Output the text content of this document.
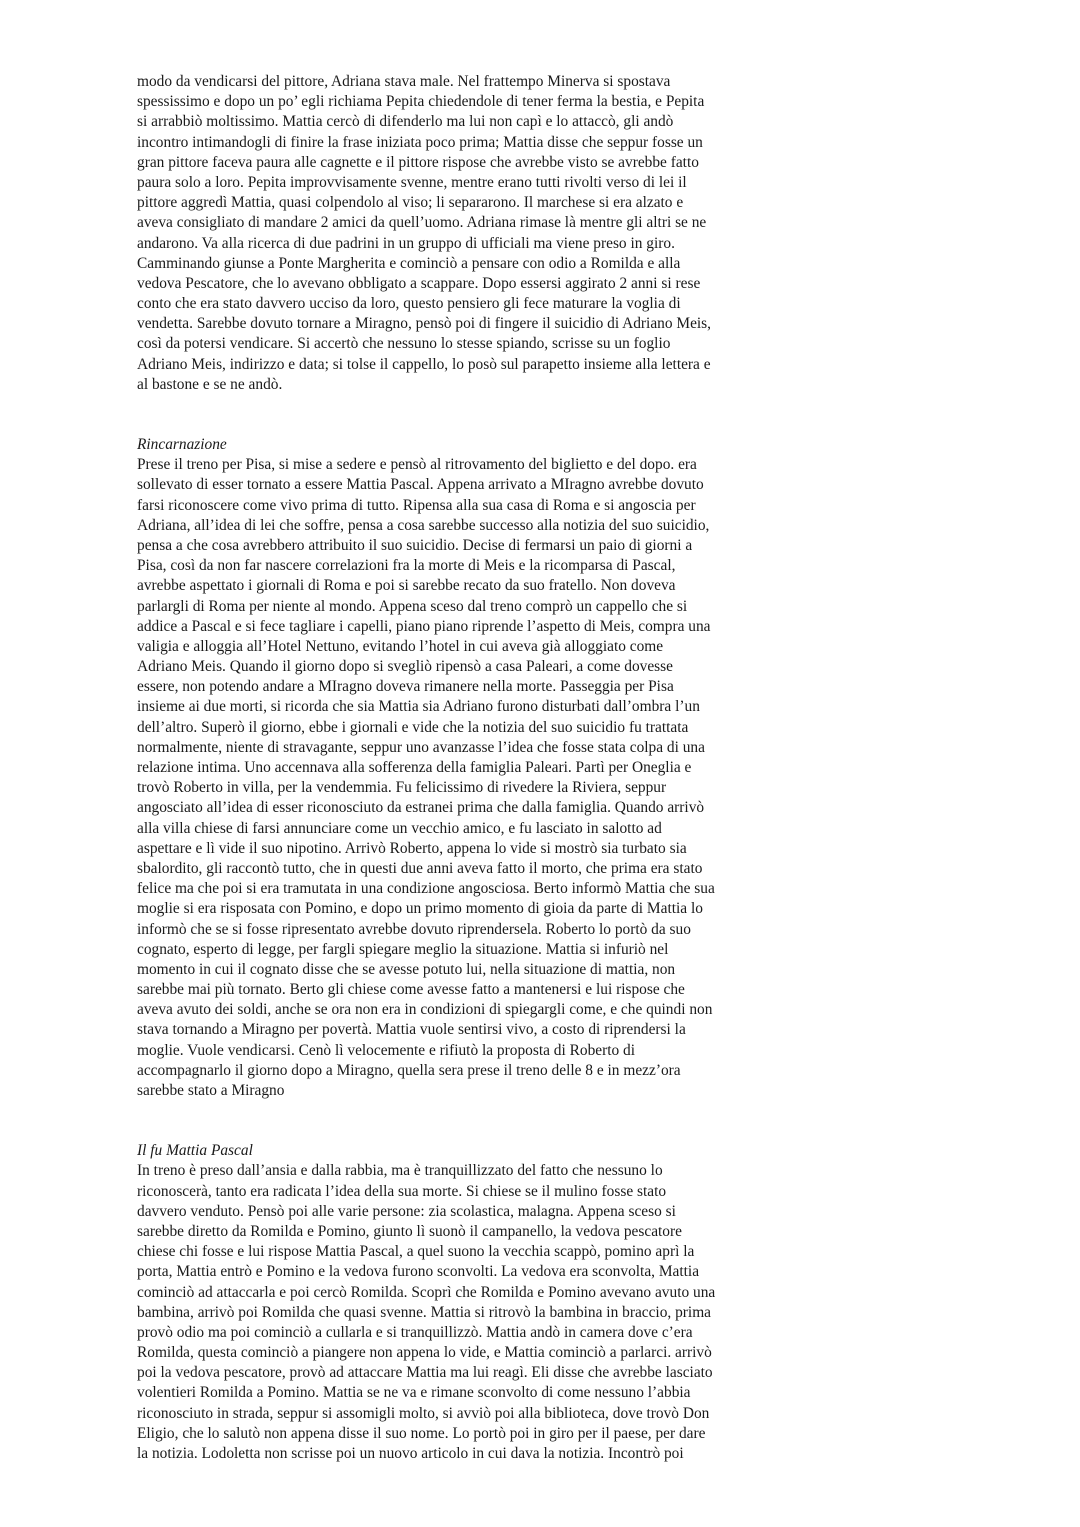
modo da vendicarsi del pittore, Adriana stava male. Nel frattempo Minerva si spostava
spessissimo e dopo un po’ egli richiama Pepita chiedendole di tener ferma la bestia, e Pepita
si arrabbiò moltissimo. Mattia cercò di difenderlo ma lui non capì e lo attaccò, gli andò
incontro intimandogli di finire la frase iniziata poco prima; Mattia disse che seppur fosse un
gran pittore faceva paura alle cagnette e il pittore rispose che avrebbe visto se avrebbe fatto
paura solo a loro. Pepita improvvisamente svenne, mentre erano tutti rivolti verso di lei il
pittore aggredì Mattia, quasi colpendolo al viso; li separarono. Il marchese si era alzato e
aveva consigliato di mandare 2 amici da quell’uomo. Adriana rimase là mentre gli altri se ne
andarono. Va alla ricerca di due padrini in un gruppo di ufficiali ma viene preso in giro.
Camminando giunse a Ponte Margherita e cominciò a pensare con odio a Romilda e alla
vedova Pescatore, che lo avevano obbligato a scappare. Dopo essersi aggirato 2 anni si rese
conto che era stato davvero ucciso da loro, questo pensiero gli fece maturare la voglia di
vendetta. Sarebbe dovuto tornare a Miragno, pensò poi di fingere il suicidio di Adriano Meis,
così da potersi vendicare. Si accertò che nessuno lo stesse spiando, scrisse su un foglio
Adriano Meis, indirizzo e data; si tolse il cappello, lo posò sul parapetto insieme alla lettera e
al bastone e se ne andò.
Rincarnazione
Prese il treno per Pisa, si mise a sedere e pensò al ritrovamento del biglietto e del dopo. era
sollevato di esser tornato a essere Mattia Pascal. Appena arrivato a MIragno avrebbe dovuto
farsi riconoscere come vivo prima di tutto. Ripensa alla sua casa di Roma e si angoscia per
Adriana, all’idea di lei che soffre, pensa a cosa sarebbe successo alla notizia del suo suicidio,
pensa a che cosa avrebbero attribuito il suo suicidio. Decise di fermarsi un paio di giorni a
Pisa, così da non far nascere correlazioni fra la morte di Meis e la ricomparsa di Pascal,
avrebbe aspettato i giornali di Roma e poi si sarebbe recato da suo fratello. Non doveva
parlargli di Roma per niente al mondo. Appena sceso dal treno comprò un cappello che si
addice a Pascal e si fece tagliare i capelli, piano piano riprende l’aspetto di Meis, compra una
valigia e alloggia all’Hotel Nettuno, evitando l’hotel in cui aveva già alloggiato come
Adriano Meis. Quando il giorno dopo si svegliò ripensò a casa Paleari, a come dovesse
essere, non potendo andare a MIragno doveva rimanere nella morte. Passeggia per Pisa
insieme ai due morti, si ricorda che sia Mattia sia Adriano furono disturbati dall’ombra l’un
dell’altro. Superò il giorno, ebbe i giornali e vide che la notizia del suo suicidio fu trattata
normalmente, niente di stravagante, seppur uno avanzasse l’idea che fosse stata colpa di una
relazione intima. Uno accennava alla sofferenza della famiglia Paleari. Partì per Oneglia e
trovò Roberto in villa, per la vendemmia. Fu felicissimo di rivedere la Riviera, seppur
angosciato all’idea di esser riconosciuto da estranei prima che dalla famiglia. Quando arrivò
alla villa chiese di farsi annunciare come un vecchio amico, e fu lasciato in salotto ad
aspettare e lì vide il suo nipotino. Arrivò Roberto, appena lo vide si mostrò sia turbato sia
sbalordito, gli raccontò tutto, che in questi due anni aveva fatto il morto, che prima era stato
felice ma che poi si era tramutata in una condizione angosciosa. Berto informò Mattia che sua
moglie si era risposata con Pomino, e dopo un primo momento di gioia da parte di Mattia lo
informò che se si fosse ripresentato avrebbe dovuto riprendersela. Roberto lo portò da suo
cognato, esperto di legge, per fargli spiegare meglio la situazione. Mattia si infuriò nel
momento in cui il cognato disse che se avesse potuto lui, nella situazione di mattia, non
sarebbe mai più tornato. Berto gli chiese come avesse fatto a mantenersi e lui rispose che
aveva avuto dei soldi, anche se ora non era in condizioni di spiegargli come, e che quindi non
stava tornando a Miragno per povertà. Mattia vuole sentirsi vivo, a costo di riprendersi la
moglie. Vuole vendicarsi. Cenò lì velocemente e rifiutò la proposta di Roberto di
accompagnarlo il giorno dopo a Miragno, quella sera prese il treno delle 8 e in mezz’ora
sarebbe stato a Miragno
Il fu Mattia Pascal
In treno è preso dall’ansia e dalla rabbia, ma è tranquillizzato del fatto che nessuno lo
riconoscerà, tanto era radicata l’idea della sua morte. Si chiese se il mulino fosse stato
davvero venduto. Pensò poi alle varie persone: zia scolastica, malagna. Appena sceso si
sarebbe diretto da Romilda e Pomino, giunto lì suonò il campanello, la vedova pescatore
chiese chi fosse e lui rispose Mattia Pascal, a quel suono la vecchia scappò, pomino aprì la
porta, Mattia entrò e Pomino e la vedova furono sconvolti. La vedova era sconvolta, Mattia
cominciò ad attaccarla e poi cercò Romilda. Scoprì che Romilda e Pomino avevano avuto una
bambina, arrivò poi Romilda che quasi svenne. Mattia si ritrovò la bambina in braccio, prima
provò odio ma poi cominciò a cullarla e si tranquillizzò. Mattia andò in camera dove c’era
Romilda, questa cominciò a piangere non appena lo vide, e Mattia cominciò a parlarci. arrivò
poi la vedova pescatore, provò ad attaccare Mattia ma lui reagì. Eli disse che avrebbe lasciato
volentieri Romilda a Pomino. Mattia se ne va e rimane sconvolto di come nessuno l’abbia
riconosciuto in strada, seppur si assomigli molto, si avviò poi alla biblioteca, dove trovò Don
Eligio, che lo salutò non appena disse il suo nome. Lo portò poi in giro per il paese, per dare
la notizia. Lodoletta non scrisse poi un nuovo articolo in cui dava la notizia. Incontrò poi
